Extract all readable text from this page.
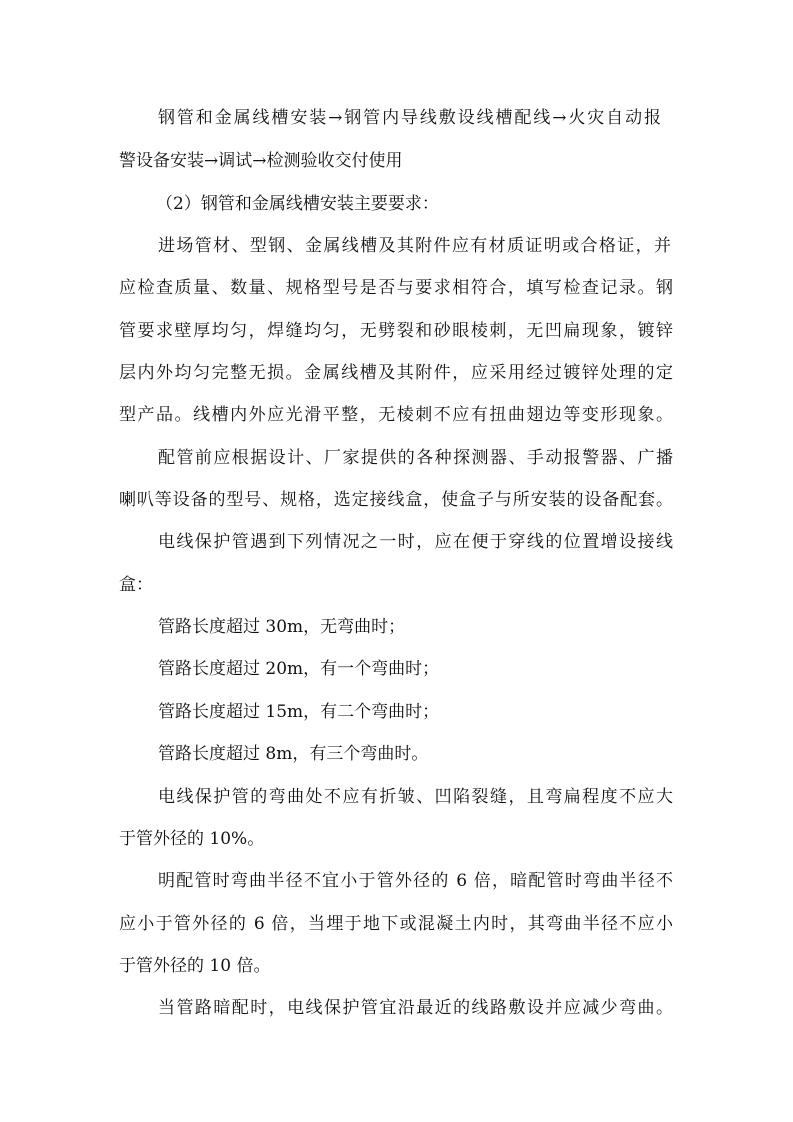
钢管和金属线槽安装→钢管内导线敷设线槽配线→火灾自动报
警设备安装→调试→检测验收交付使用
（2）钢管和金属线槽安装主要要求：
进场管材、型钢、金属线槽及其附件应有材质证明或合格证，并
应检查质量、数量、规格型号是否与要求相符合，填写检查记录。钢
管要求壁厚均匀，焊缝均匀，无劈裂和砂眼棱刺，无凹扁现象，镀锌
层内外均匀完整无损。金属线槽及其附件，应采用经过镀锌处理的定
型产品。线槽内外应光滑平整，无棱刺不应有扭曲翅边等变形现象。
配管前应根据设计、厂家提供的各种探测器、手动报警器、广播
喇叭等设备的型号、规格，选定接线盒，使盒子与所安装的设备配套。
电线保护管遇到下列情况之一时，应在便于穿线的位置增设接线
盒：
管路长度超过 30m，无弯曲时；
管路长度超过 20m，有一个弯曲时；
管路长度超过 15m，有二个弯曲时；
管路长度超过 8m，有三个弯曲时。
电线保护管的弯曲处不应有折皱、凹陷裂缝，且弯扁程度不应大
于管外径的 10%。
明配管时弯曲半径不宜小于管外径的 6 倍，暗配管时弯曲半径不
应小于管外径的 6 倍，当埋于地下或混凝土内时，其弯曲半径不应小
于管外径的 10 倍。
当管路暗配时，电线保护管宜沿最近的线路敷设并应减少弯曲。
